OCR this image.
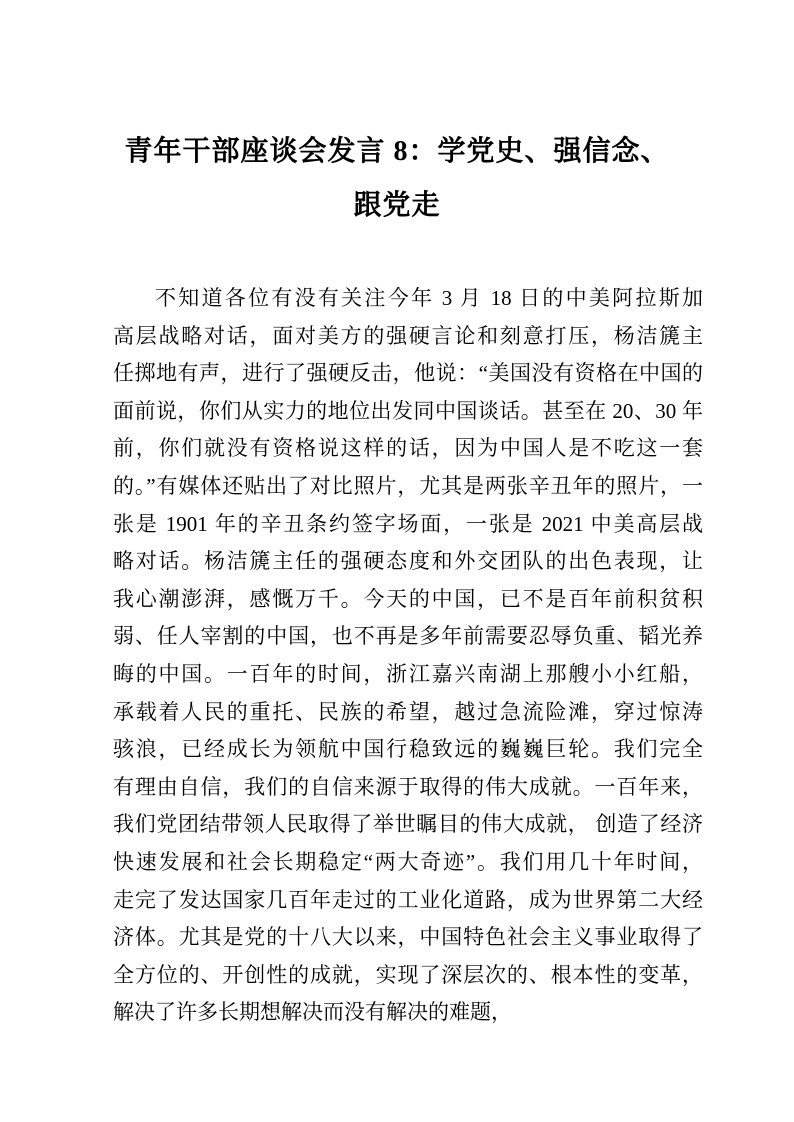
青年干部座谈会发言 8：学党史、强信念、
跟党走
不知道各位有没有关注今年 3 月 18 日的中美阿拉斯加
高层战略对话，面对美方的强硬言论和刻意打压，杨洁篪主
任掷地有声，进行了强硬反击，他说：“美国没有资格在中国的
面前说，你们从实力的地位出发同中国谈话。甚至在 20、30 年
前，你们就没有资格说这样的话，因为中国人是不吃这一套
的。”有媒体还贴出了对比照片，尤其是两张辛丑年的照片，一
张是 1901 年的辛丑条约签字场面，一张是 2021 中美高层战
略对话。杨洁篪主任的强硬态度和外交团队的出色表现，让
我心潮澎湃，感慨万千。今天的中国，已不是百年前积贫积
弱、任人宰割的中国，也不再是多年前需要忍辱负重、韬光养
晦的中国。一百年的时间，浙江嘉兴南湖上那艘小小红船，
承载着人民的重托、民族的希望，越过急流险滩，穿过惊涛
骇浪，已经成长为领航中国行稳致远的巍巍巨轮。我们完全
有理由自信，我们的自信来源于取得的伟大成就。一百年来，
我们党团结带领人民取得了举世瞩目的伟大成就， 创造了经济
快速发展和社会长期稳定“两大奇迹”。我们用几十年时间，
走完了发达国家几百年走过的工业化道路，成为世界第二大经
济体。尤其是党的十八大以来，中国特色社会主义事业取得了
全方位的、开创性的成就，实现了深层次的、根本性的变革，
解决了许多长期想解决而没有解决的难题，
